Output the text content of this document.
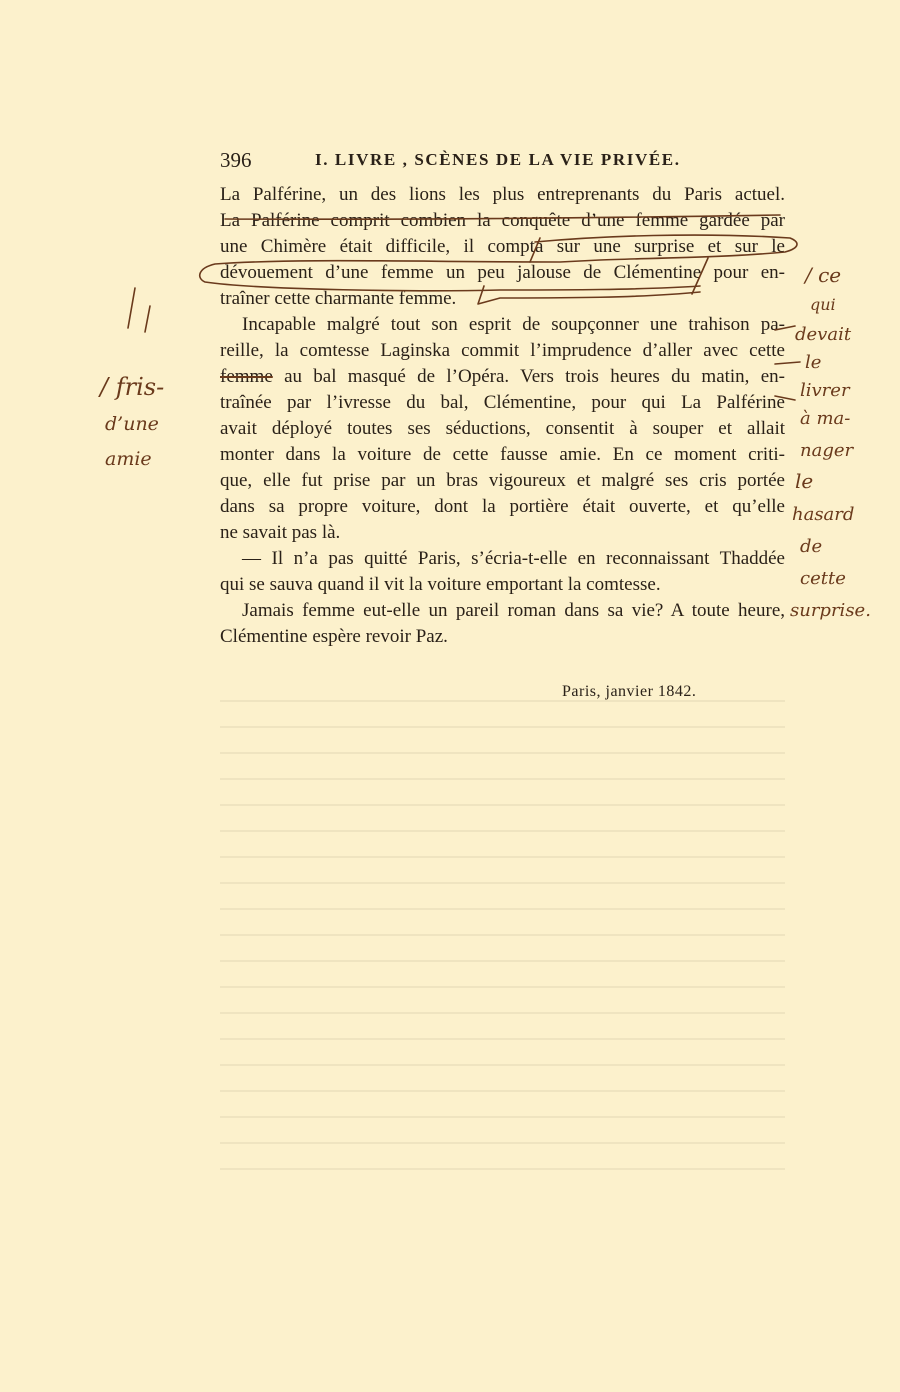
396	I. LIVRE , SCÈNES DE LA VIE PRIVÉE.
La Palférine, un des lions les plus entreprenants du Paris actuel.
La Palférine comprit combien la conquête d’une femme gardée par
une Chimère était difficile, il compta sur une surprise et sur le
dévouement d’une femme un peu jalouse de Clémentine pour en-
traîner cette charmante femme.
Incapable malgré tout son esprit de soupçonner une trahison pa-
reille, la comtesse Laginska commit l’imprudence d’aller avec cette
femme au bal masqué de l’Opéra. Vers trois heures du matin, en-
traînée par l’ivresse du bal, Clémentine, pour qui La Palférine
avait déployé toutes ses séductions, consentit à souper et allait
monter dans la voiture de cette fausse amie. En ce moment criti-
que, elle fut prise par un bras vigoureux et malgré ses cris portée
dans sa propre voiture, dont la portière était ouverte, et qu’elle
ne savait pas là.
— Il n’a pas quitté Paris, s’écria-t-elle en reconnaissant Thaddée
qui se sauva quand il vit la voiture emportant la comtesse.
Jamais femme eut-elle un pareil roman dans sa vie? A toute heure,
Clémentine espère revoir Paz.
Paris, janvier 1842.
/ fris-
d’une
amie
/ ce
qui
devait
le
livrer
à ma-
nager
le
hasard
de
cette
surprise.
